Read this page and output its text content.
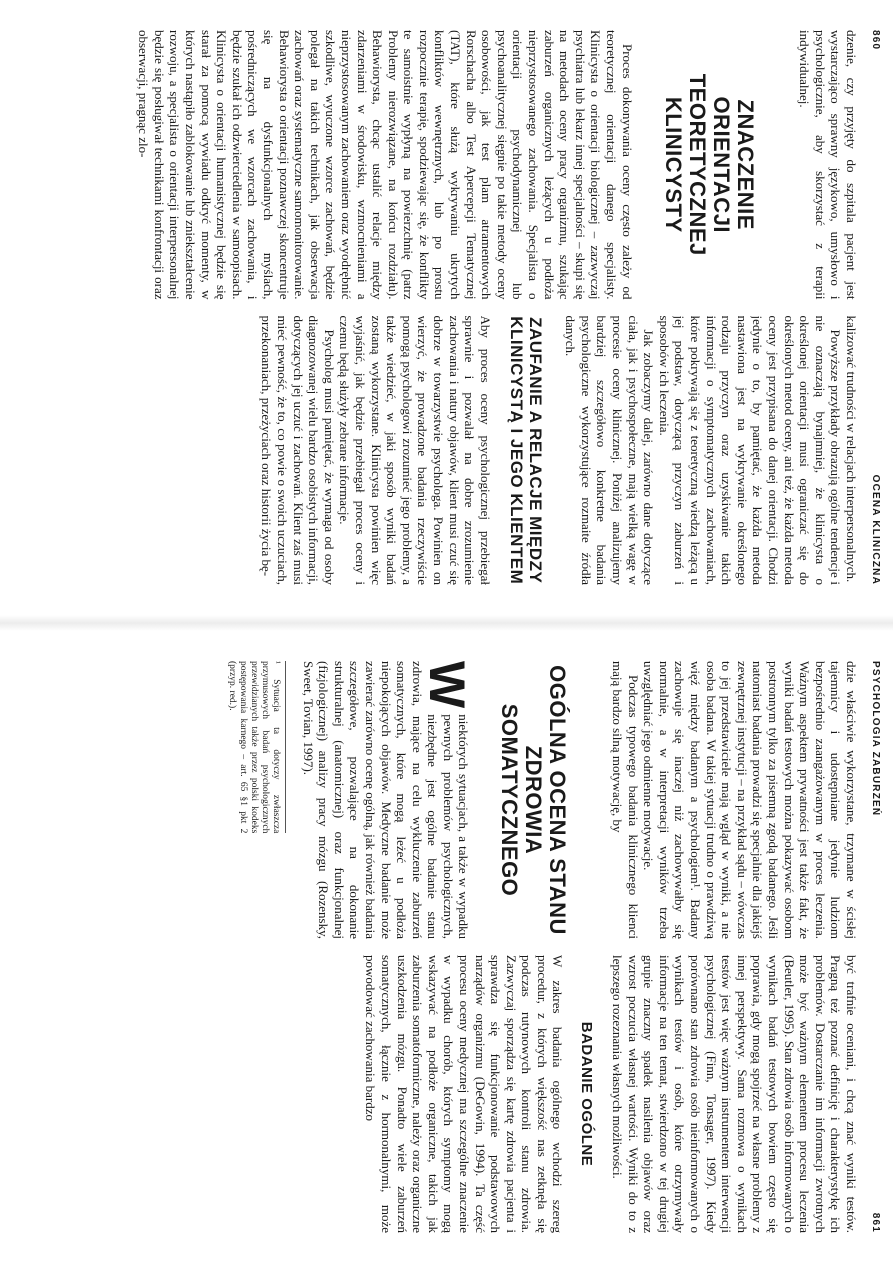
860
OCENA KLINICZNA

dzenie, czy przyjęty do szpitala pacjent jest wystarczająco sprawny językowo, umysłowo i psychologicznie, aby skorzystać z terapii indywidualnej.

ZNACZENIE ORIENTACJI TEORETYCZNEJ KLINICYSTY

Proces dokonywania oceny często zależy od teoretycznej orientacji danego specjalisty. Klinicysta o orientacji biologicznej – zazwyczaj psychiatra lub lekarz innej specjalności – skupi się na metodach oceny pracy organizmu, szukając zaburzeń organicznych leżących u podłoża nieprzystosowanego zachowania. Specjalista o orientacji psychodynamicznej lub psychoanalitycznej sięgnie po takie metody oceny osobowości, jak test plam atramentowych Rorschacha albo Test Apercepcji Tematycznej (TAT), które służą wykrywaniu ukrytych konfliktów wewnętrznych, lub po prostu rozpocznie terapię, spodziewając się, że konflikty te samoistnie wypłyną na powierzchnię (patrz Problemy nierozwiązane, na końcu rozdziału). Behawiorysta, chcąc ustalić relacje między zdarzeniami w środowisku, wzmocnieniami a nieprzystosowanym zachowaniem oraz wyodrębnić szkodliwe, wyuczone wzorce zachowań, będzie polegał na takich technikach, jak obserwacja zachowań oraz systematyczne samomonitorowanie. Behawiorysta o orientacji poznawczej skoncentruje się na dysfunkcjonalnych myślach, pośredniczących we wzorcach zachowania, i będzie szukał ich odzwierciedlenia w samoopisach. Klinicysta o orientacji humanistycznej będzie się starał za pomocą wywiadu odkryć momenty, w których nastąpiło zablokowanie lub zniekształcenie rozwoju, a specjalista o orientacji interpersonalnej będzie się posługiwał technikami konfrontacji oraz obserwacji, pragnąc zlo-

kalizować trudności w relacjach interpersonalnych.

Powyższe przykłady obrazują ogólne tendencje i nie oznaczają bynajmniej, że klinicysta o określonej orientacji musi ograniczać się do określonych metod oceny, ani też, że każda metoda oceny jest przypisana do danej orientacji. Chodzi jedynie o to, by pamiętać, że każda metoda nastawiona jest na wykrywanie określonego rodzaju przyczyn oraz uzyskiwanie takich informacji o symptomatycznych zachowaniach, które pokrywają się z teoretyczną wiedzą leżącą u jej podstaw, dotyczącą przyczyn zaburzeń i sposobów ich leczenia.

Jak zobaczymy dalej, zarówno dane dotyczące ciała, jak i psychospołeczne, mają wielką wagę w procesie oceny klinicznej. Poniżej analizujemy bardziej szczegółowo konkretne badania psychologiczne wykorzystujące rozmaite źródła danych.

ZAUFANIE A RELACJE MIĘDZY KLINICYSTĄ I JEGO KLIENTEM

Aby proces oceny psychologicznej przebiegał sprawnie i pozwalał na dobre zrozumienie zachowania i natury objawów, klient musi czuć się dobrze w towarzystwie psychologa. Powinien on wierzyć, że prowadzone badania rzeczywiście pomogą psychologowi zrozumieć jego problemy, a także wiedzieć, w jaki sposób wyniki badań zostaną wykorzystane. Klinicysta powinien więc wyjaśnić, jak będzie przebiegał proces oceny i czemu będą służyły zebrane informacje.

Psycholog musi pamiętać, że wymaga od osoby diagnozowanej wielu bardzo osobistych informacji, dotyczących jej uczuć i zachowań. Klient zaś musi mieć pewność, że to, co powie o swoich uczuciach, przekonaniach, przeżyciach oraz historii życia bę-

PSYCHOLOGIA ZABURZEŃ
861

dzie właściwie wykorzystane, trzymane w ścisłej tajemnicy i udostępniane jedynie ludziom bezpośrednio zaangażowanym w proces leczenia. Ważnym aspektem prywatności jest także fakt, że wyniki badań testowych można pokazywać osobom postronnym tylko za pisemną zgodą badanego. Jeśli natomiast badania prowadzi się specjalnie dla jakiejś zewnętrznej instytucji – na przykład sądu – wówczas to jej przedstawiciele mają wgląd w wyniki, a nie osoba badana. W takiej sytuacji trudno o prawdziwą więź między badanym a psychologiem¹. Badany zachowuje się inaczej niż zachowywałby się normalnie, a w interpretacji wyników trzeba uwzględniać jego odmienne motywacje.

Podczas typowego badania klinicznego klienci mają bardzo silną motywację, by

OGÓLNA OCENA STANU ZDROWIA SOMATYCZNEGO

W
niektórych sytuacjach, a także w wypadku pewnych problemów psychologicznych, niezbędne jest ogólne badanie stanu zdrowia, mające na celu wykluczenie zaburzeń somatycznych, które mogą leżeć u podłoża niepokojących objawów. Medyczne badanie może zawierać zarówno ocenę ogólną, jak również badania szczegółowe, pozwalające na dokonanie strukturalnej (anatomicznej) oraz funkcjonalnej (fizjologicznej) analizy pracy mózgu (Rozensky, Sweet, Tovian, 1997).

¹ Sytuacja ta dotyczy zwłaszcza przymusowych badań psychologicznych przewidzianych także przez polski kodeks postępowania karnego – art. 65 §1 pkt 2 (przyp. red.).

być trafnie oceniani, i chcą znać wyniki testów. Pragną też poznać definicję i charakterystykę ich problemów. Dostarczanie im informacji zwrotnych może być ważnym elementem procesu leczenia (Beutler, 1995). Stan zdrowia osób informowanych o wynikach badań testowych bowiem często się poprawia, gdy mogą spojrzeć na własne problemy z innej perspektywy. Sama rozmowa o wynikach testów jest więc ważnym instrumentem interwencji psychologicznej (Finn, Tonsager, 1997). Kiedy porównano stan zdrowia osób nieinformowanych o wynikach testów i osób, które otrzymywały informacje na ten temat, stwierdzono w tej drugiej grupie znaczny spadek nasilenia objawów oraz wzrost poczucia własnej wartości. Wyniki do to z lepszego rozeznania własnych możliwości.

BADANIE OGÓLNE

W zakres badania ogólnego wchodzi szereg procedur, z których większość nas zetknęła się podczas rutynowych kontroli stanu zdrowia. Zazwyczaj sporządza się kartę zdrowia pacjenta i sprawdza się funkcjonowanie podstawowych narządów organizmu (DeGowin, 1994). Ta część procesu oceny medycznej ma szczególne znaczenie w wypadku chorób, których symptomy mogą wskazywać na podłoże organiczne, takich jak zaburzenia somatoformiczne, należy oraz organiczne uszkodzenia mózgu. Ponadto wiele zaburzeń somatycznych, łącznie z hormonalnymi, może powodować zachowania bardzo
